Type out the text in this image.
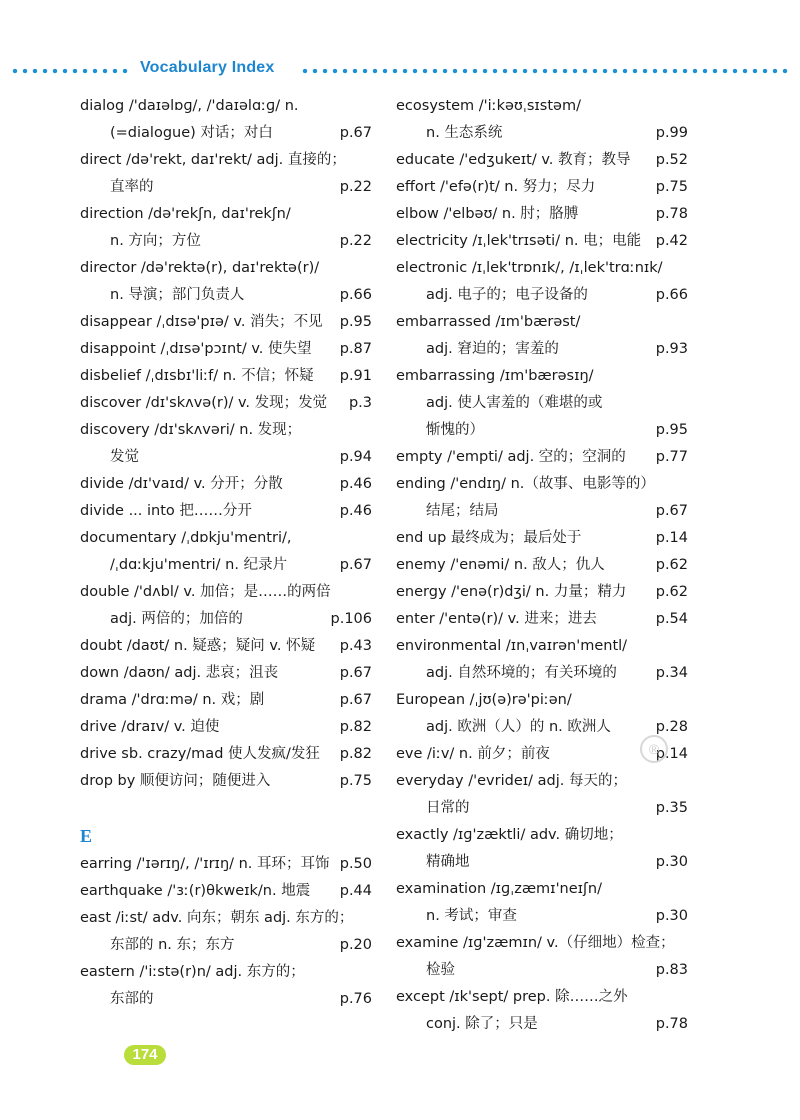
Vocabulary Index
dialog /'daɪəlɒɡ/, /'daɪəlɑːɡ/ n.
(=dialogue) 对话；对白	p.67
direct /də'rekt, daɪ'rekt/ adj. 直接的；
直率的	p.22
direction /də'rekʃn, daɪ'rekʃn/
n. 方向；方位	p.22
director /də'rektə(r), daɪ'rektə(r)/
n. 导演；部门负责人	p.66
disappear /ˌdɪsə'pɪə/ v. 消失；不见 p.95
disappoint /ˌdɪsə'pɔɪnt/ v. 使失望 p.87
disbelief /ˌdɪsbɪ'liːf/ n. 不信；怀疑 p.91
discover /dɪ'skʌvə(r)/ v. 发现；发觉 p.3
discovery /dɪ'skʌvəri/ n. 发现；
发觉	p.94
divide /dɪ'vaɪd/ v. 分开；分散	p.46
divide ... into 把……分开	p.46
documentary /ˌdɒkju'mentri/,
/ˌdɑːkju'mentri/ n. 纪录片	p.67
double /'dʌbl/ v. 加倍；是……的两倍
adj. 两倍的；加倍的	p.106
doubt /daʊt/ n. 疑惑；疑问 v. 怀疑 p.43
down /daʊn/ adj. 悲哀；沮丧	p.67
drama /'drɑːmə/ n. 戏；剧	p.67
drive /draɪv/ v. 迫使	p.82
drive sb. crazy/mad 使人发疯/发狂 p.82
drop by 顺便访问；随便进入	p.75
E
earring /'ɪərɪŋ/, /'ɪrɪŋ/ n. 耳环；耳饰 p.50
earthquake /'ɜː(r)θkweɪk/n. 地震 p.44
east /iːst/ adv. 向东；朝东 adj. 东方的；
东部的 n. 东；东方	p.20
eastern /'iːstə(r)n/ adj. 东方的；
东部的	p.76
ecosystem /'iːkəʊˌsɪstəm/
n. 生态系统	p.99
educate /'edʒukeɪt/ v. 教育；教导 p.52
effort /'efə(r)t/ n. 努力；尽力	p.75
elbow /'elbəʊ/ n. 肘；胳膊	p.78
electricity /ɪˌlek'trɪsəti/ n. 电；电能 p.42
electronic /ɪˌlek'trɒnɪk/, /ɪˌlek'trɑːnɪk/
adj. 电子的；电子设备的	p.66
embarrassed /ɪm'bærəst/
adj. 窘迫的；害羞的	p.93
embarrassing /ɪm'bærəsɪŋ/
adj. 使人害羞的（难堪的或
惭愧的）	p.95
empty /'empti/ adj. 空的；空洞的 p.77
ending /'endɪŋ/ n.（故事、电影等的）
结尾；结局	p.67
end up 最终成为；最后处于	p.14
enemy /'enəmi/ n. 敌人；仇人	p.62
energy /'enə(r)dʒi/ n. 力量；精力 p.62
enter /'entə(r)/ v. 进来；进去	p.54
environmental /ɪnˌvaɪrən'mentl/
adj. 自然环境的；有关环境的	p.34
European /ˌjʊ(ə)rə'piːən/
adj. 欧洲（人）的 n. 欧洲人	p.28
eve /iːv/ n. 前夕；前夜	p.14
everyday /'evrideɪ/ adj. 每天的；
日常的	p.35
exactly /ɪɡ'zæktli/ adv. 确切地；
精确地	p.30
examination /ɪɡˌzæmɪ'neɪʃn/
n. 考试；审查	p.30
examine /ɪɡ'zæmɪn/ v.（仔细地）检查；
检验	p.83
except /ɪk'sept/ prep. 除……之外
conj. 除了；只是	p.78
®
174
